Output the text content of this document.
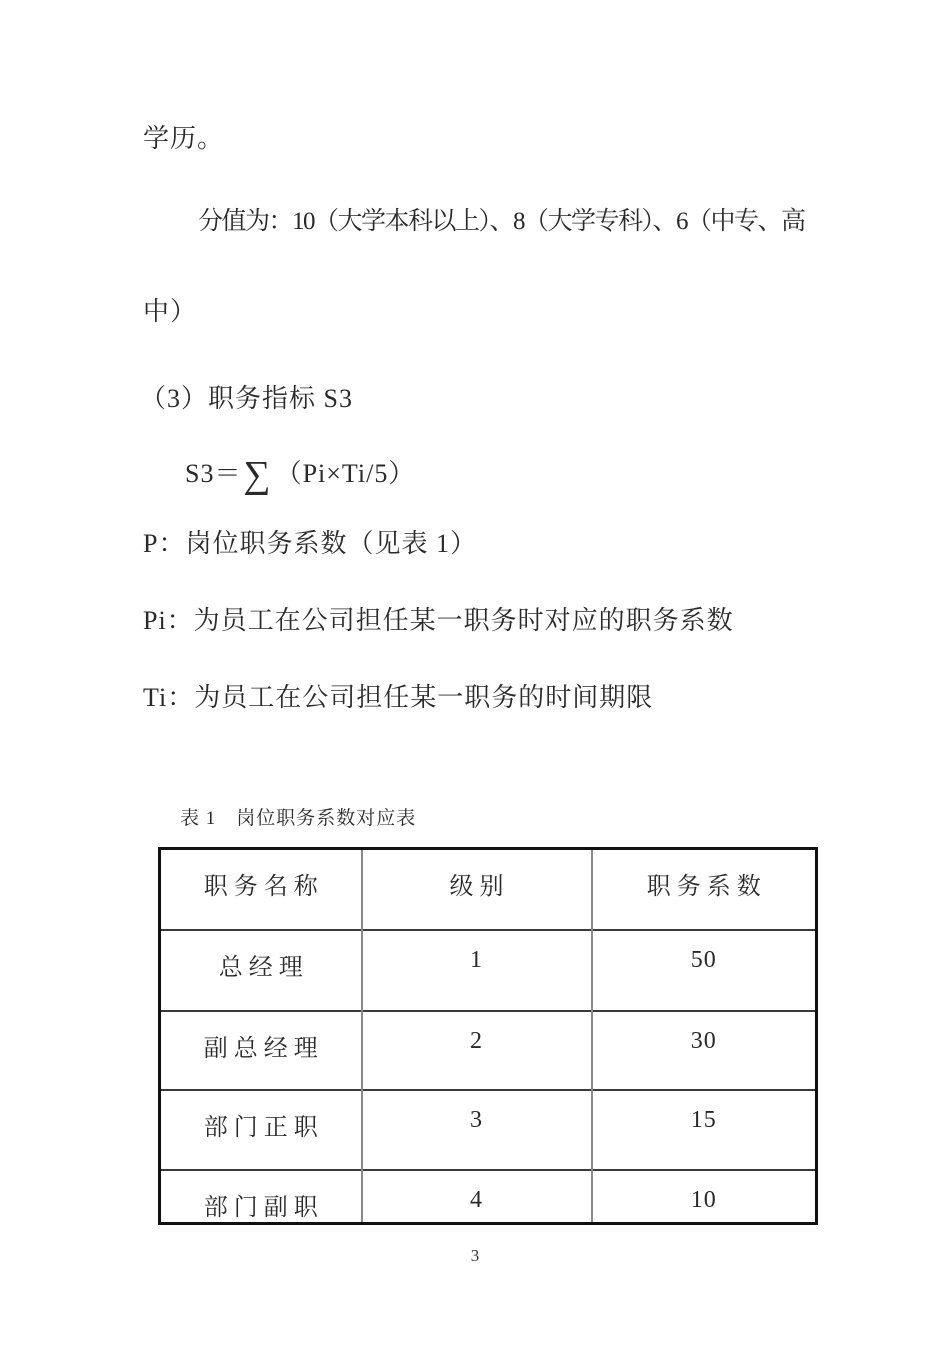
学历。
分值为：10（大学本科以上）、8（大学专科）、6（中专、高
中）
（3）职务指标 S3
S3＝∑ （Pi×Ti/5）
P：岗位职务系数（见表 1）
Pi：为员工在公司担任某一职务时对应的职务系数
Ti：为员工在公司担任某一职务的时间期限
表 1　岗位职务系数对应表
职务名称	级别	职务系数
总经理	1	50
副总经理	2	30
部门正职	3	15
部门副职	4	10
3
